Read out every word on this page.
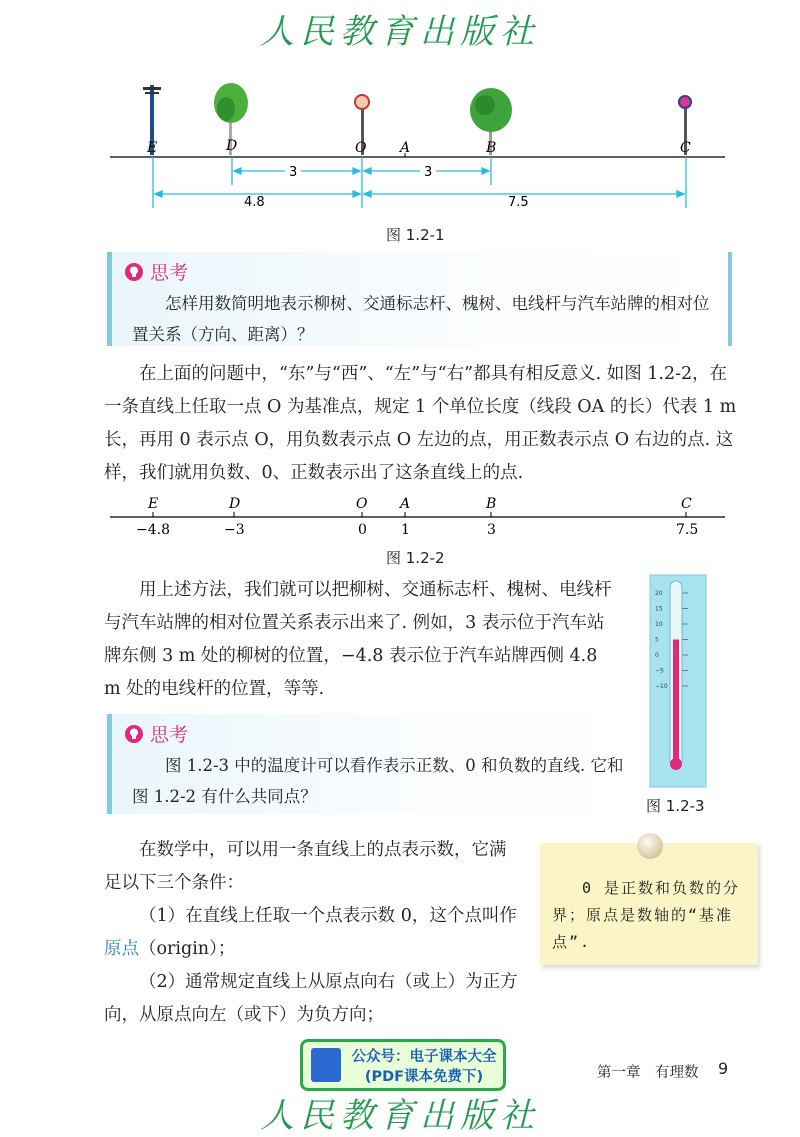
人民教育出版社
E	D	O A	B	C
3	3
4.8	7.5
图 1.2-1
思考
怎样用数简明地表示柳树、交通标志杆、槐树、电线杆与汽车站牌的相对位置关系（方向、距离）？

在上面的问题中，“东”与“西”、“左”与“右”都具有相反意义. 如图 1.2-2，在一条直线上任取一点 O 为基准点，规定 1 个单位长度（线段 OA 的长）代表 1 m 长，再用 0 表示点 O，用负数表示点 O 左边的点，用正数表示点 O 右边的点. 这样，我们就用负数、0、正数表示出了这条直线上的点.

E	D	O A	B	C
−4.8	−3	0 1	3	7.5
图 1.2-2

用上述方法，我们就可以把柳树、交通标志杆、槐树、电线杆与汽车站牌的相对位置关系表示出来了. 例如，3 表示位于汽车站牌东侧 3 m 处的柳树的位置，−4.8 表示位于汽车站牌西侧 4.8 m 处的电线杆的位置，等等.

20
15
10
5
0
−5
−10
图 1.2-3
思考
图 1.2-3 中的温度计可以看作表示正数、0 和负数的直线. 它和图 1.2-2 有什么共同点？

在数学中，可以用一条直线上的点表示数，它满足以下三个条件：

（1）在直线上任取一个点表示数 0，这个点叫作原点（origin）；

（2）通常规定直线上从原点向右（或上）为正方向，从原点向左（或下）为负方向；

0 是正数和负数的分界；原点是数轴的“基准点”.
公众号：电子课本大全
(PDF课本免费下)	第一章　有理数 9
人民教育出版社
